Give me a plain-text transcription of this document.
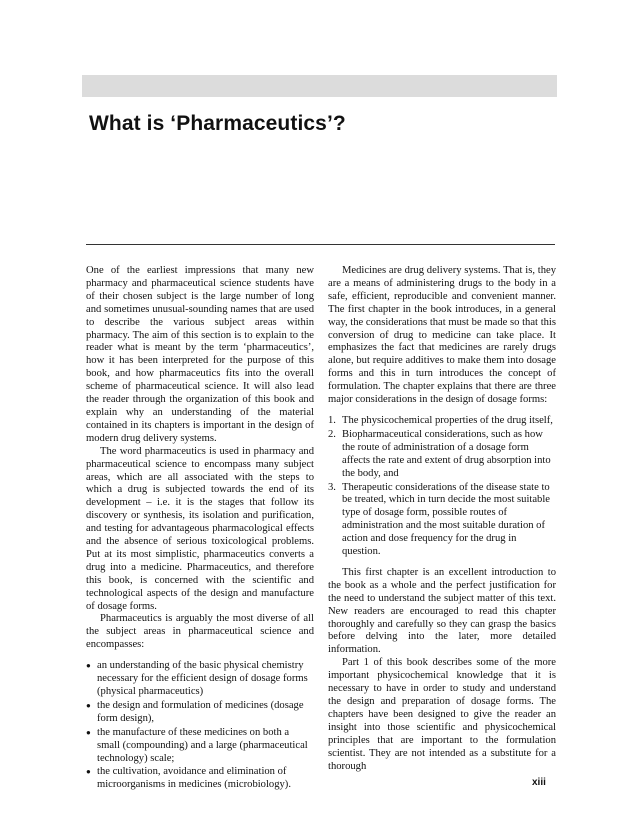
What is ‘Pharmaceutics’?

One of the earliest impressions that many new pharmacy and pharmaceutical science students have of their chosen subject is the large number of long and sometimes unusual-sounding names that are used to describe the various subject areas within pharmacy. The aim of this section is to explain to the reader what is meant by the term ‘pharmaceutics’, how it has been interpreted for the purpose of this book, and how pharmaceutics fits into the overall scheme of pharmaceutical science. It will also lead the reader through the organization of this book and explain why an understanding of the material contained in its chapters is important in the design of modern drug delivery systems.

The word pharmaceutics is used in pharmacy and pharmaceutical science to encompass many subject areas, which are all associated with the steps to which a drug is subjected towards the end of its development – i.e. it is the stages that follow its discovery or synthesis, its isolation and purification, and testing for advantageous pharmacological effects and the absence of serious toxicological problems. Put at its most simplistic, pharmaceutics converts a drug into a medicine. Pharmaceutics, and therefore this book, is concerned with the scientific and technological aspects of the design and manufacture of dosage forms.

Pharmaceutics is arguably the most diverse of all the subject areas in pharmaceutical science and encompasses:

● an understanding of the basic physical chemistry necessary for the efficient design of dosage forms (physical pharmaceutics)
● the design and formulation of medicines (dosage form design),
● the manufacture of these medicines on both a small (compounding) and a large (pharmaceutical technology) scale;
● the cultivation, avoidance and elimination of microorganisms in medicines (microbiology).

Medicines are drug delivery systems. That is, they are a means of administering drugs to the body in a safe, efficient, reproducible and convenient manner. The first chapter in the book introduces, in a general way, the considerations that must be made so that this conversion of drug to medicine can take place. It emphasizes the fact that medicines are rarely drugs alone, but require additives to make them into dosage forms and this in turn introduces the concept of formulation. The chapter explains that there are three major considerations in the design of dosage forms:

1. The physicochemical properties of the drug itself,
2. Biopharmaceutical considerations, such as how the route of administration of a dosage form affects the rate and extent of drug absorption into the body, and
3. Therapeutic considerations of the disease state to be treated, which in turn decide the most suitable type of dosage form, possible routes of administration and the most suitable duration of action and dose frequency for the drug in question.

This first chapter is an excellent introduction to the book as a whole and the perfect justification for the need to understand the subject matter of this text. New readers are encouraged to read this chapter thoroughly and carefully so they can grasp the basics before delving into the later, more detailed information.

Part 1 of this book describes some of the more important physicochemical knowledge that it is necessary to have in order to study and understand the design and preparation of dosage forms. The chapters have been designed to give the reader an insight into those scientific and physicochemical principles that are important to the formulation scientist. They are not intended as a substitute for a thorough

xiii
